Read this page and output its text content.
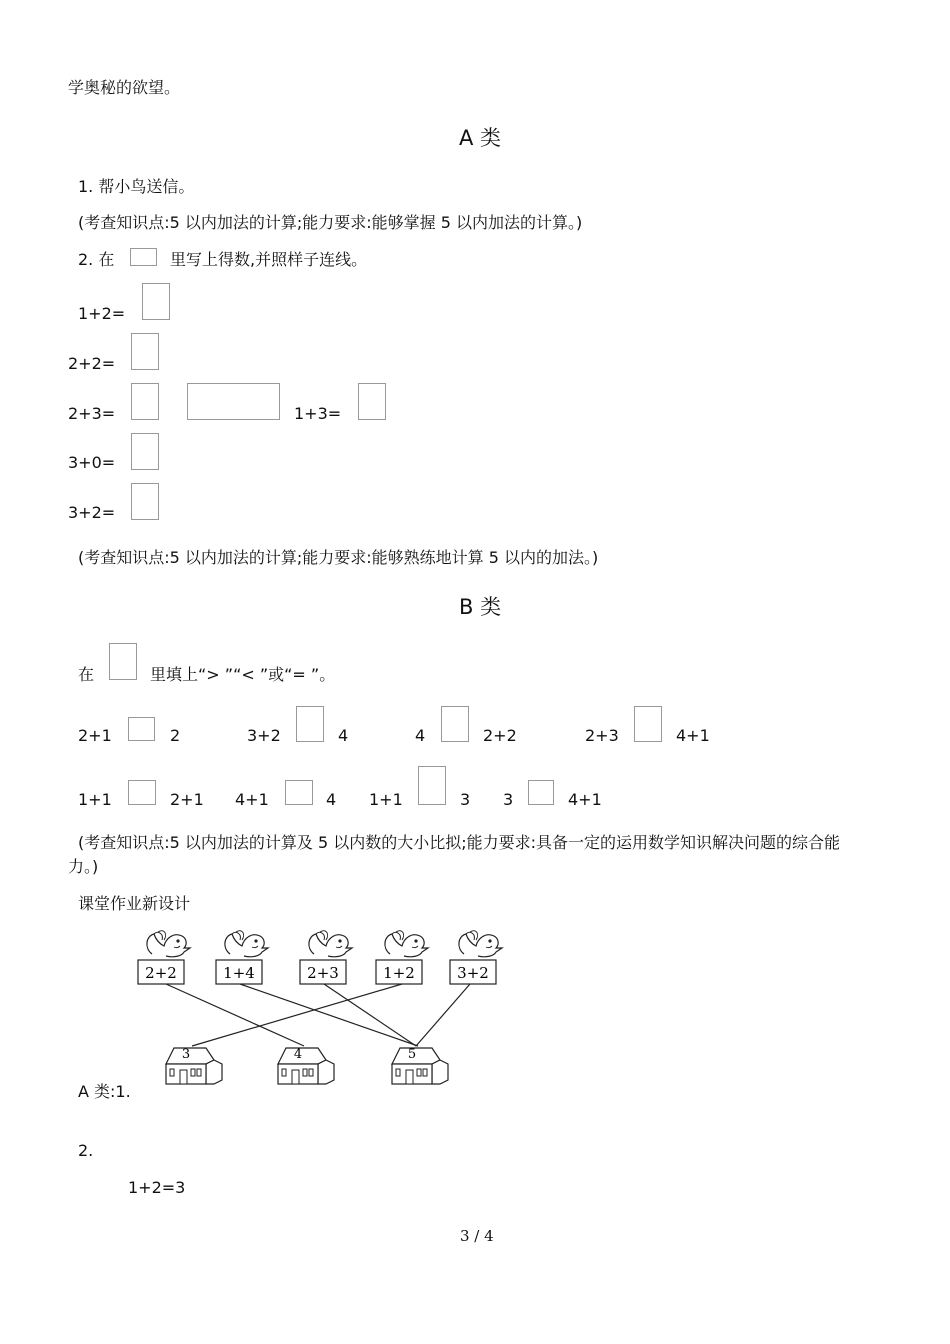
学奥秘的欲望。
A 类
1. 帮小鸟送信。
(考查知识点:5 以内加法的计算;能力要求:能够掌握 5 以内加法的计算。)
2. 在	里写上得数,并照样子连线。
1+2=
2+2=
2+3=	1+3=
3+0=
3+2=
(考查知识点:5 以内加法的计算;能力要求:能够熟练地计算 5 以内的加法。)
B 类
在	里填上“> ”“< ”或“= ”。
2+1	2	3+2	4	4	2+2	2+3	4+1
1+1	2+1 4+1	4 1+1	3 3	4+1
(考查知识点:5 以内加法的计算及 5 以内数的大小比拟;能力要求:具备一定的运用数学知识解决问题的综合能
力。)
课堂作业新设计
2+2	1+4	2+3	1+2	3+2
3	4	5
A 类:1.
2.
1+2=3
3 / 4
